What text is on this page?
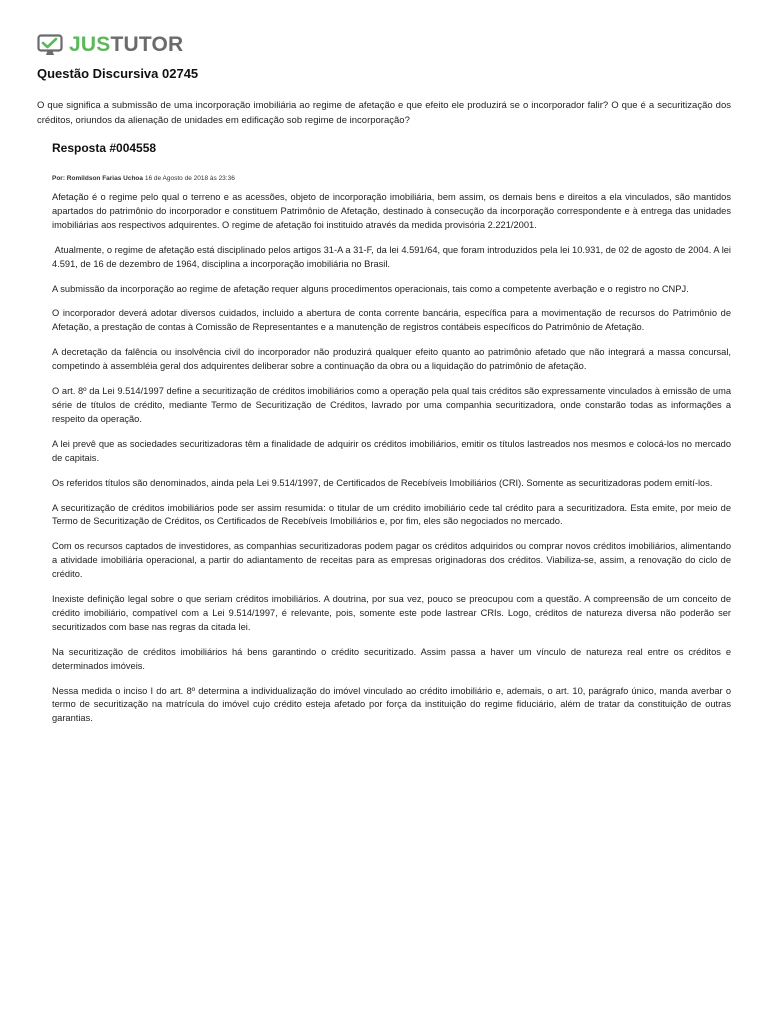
JUSTUTOR
Questão Discursiva 02745

O que significa a submissão de uma incorporação imobiliária ao regime de afetação e que efeito ele produzirá se o incorporador falir? O que é a securitização dos créditos, oriundos da alienação de unidades em edificação sob regime de incorporação?

Resposta #004558

Por: Romildson Farias Uchoa 16 de Agosto de 2018 às 23:36

Afetação é o regime pelo qual o terreno e as acessões, objeto de incorporação imobiliária, bem assim, os demais bens e direitos a ela vinculados, são mantidos apartados do patrimônio do incorporador e constituem Patrimônio de Afetação, destinado à consecução da incorporação correspondente e à entrega das unidades imobiliárias aos respectivos adquirentes. O regime de afetação foi instituido através da medida provisória 2.221/2001.

Atualmente, o regime de afetação está disciplinado pelos artigos 31-A a 31-F, da lei 4.591/64, que foram introduzidos pela lei 10.931, de 02 de agosto de 2004. A lei 4.591, de 16 de dezembro de 1964, disciplina a incorporação imobiliária no Brasil.

A submissão da incorporação ao regime de afetação requer alguns procedimentos operacionais, tais como a competente averbação e o registro no CNPJ.

O incorporador deverá adotar diversos cuidados, incluido a abertura de conta corrente bancária, específica para a movimentação de recursos do Patrimônio de Afetação, a prestação de contas à Comissão de Representantes e a manutenção de registros contábeis específicos do Patrimônio de Afetação.

A decretação da falência ou insolvência civil do incorporador não produzirá qualquer efeito quanto ao patrimônio afetado que não integrará a massa concursal, competindo à assembléia geral dos adquirentes deliberar sobre a continuação da obra ou a liquidação do patrimônio de afetação.

O art. 8º da Lei 9.514/1997 define a securitização de créditos imobiliários como a operação pela qual tais créditos são expressamente vinculados à emissão de uma série de títulos de crédito, mediante Termo de Securitização de Créditos, lavrado por uma companhia securitizadora, onde constarão todas as informações a respeito da operação.

A lei prevê que as sociedades securitizadoras têm a finalidade de adquirir os créditos imobiliários, emitir os títulos lastreados nos mesmos e colocá-los no mercado de capitais.

Os referidos títulos são denominados, ainda pela Lei 9.514/1997, de Certificados de Recebíveis Imobiliários (CRI). Somente as securitizadoras podem emití-los.

A securitização de créditos imobiliários pode ser assim resumida: o titular de um crédito imobiliário cede tal crédito para a securitizadora. Esta emite, por meio de Termo de Securitização de Créditos, os Certificados de Recebíveis Imobiliários e, por fim, eles são negociados no mercado.

Com os recursos captados de investidores, as companhias securitizadoras podem pagar os créditos adquiridos ou comprar novos créditos imobiliários, alimentando a atividade imobiliária operacional, a partir do adiantamento de receitas para as empresas originadoras dos créditos. Viabiliza-se, assim, a renovação do ciclo de crédito.

Inexiste definição legal sobre o que seriam créditos imobiliários. A doutrina, por sua vez, pouco se preocupou com a questão. A compreensão de um conceito de crédito imobiliário, compatível com a Lei 9.514/1997, é relevante, pois, somente este pode lastrear CRIs. Logo, créditos de natureza diversa não poderão ser securitizados com base nas regras da citada lei.

Na securitização de créditos imobiliários há bens garantindo o crédito securitizado. Assim passa a haver um vínculo de natureza real entre os créditos e determinados imóveis.

Nessa medida o inciso I do art. 8º determina a individualização do imóvel vinculado ao crédito imobiliário e, ademais, o art. 10, parágrafo único, manda averbar o termo de securitização na matrícula do imóvel cujo crédito esteja afetado por força da instituição do regime fiduciário, além de tratar da constituição de outras garantias.
